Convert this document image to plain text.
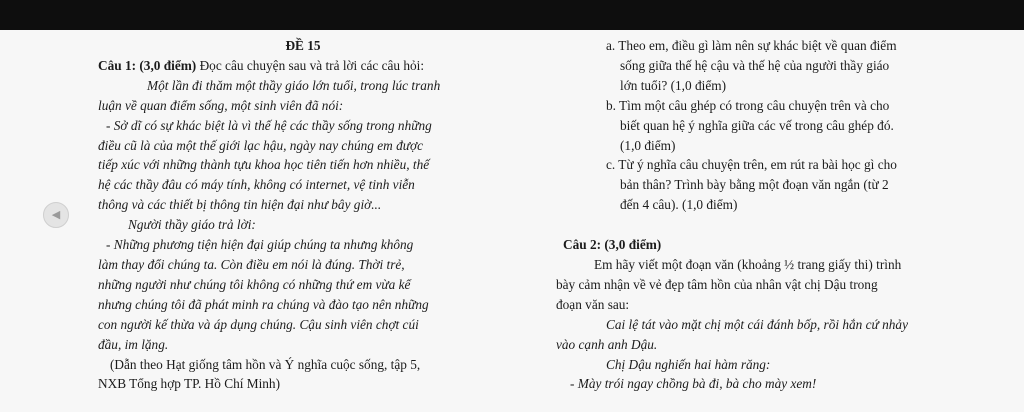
◀
ĐỀ 15
Câu 1: (3,0 điểm) Đọc câu chuyện sau và trả lời các câu hỏi:
Một lần đi thăm một thầy giáo lớn tuổi, trong lúc tranh
luận về quan điểm sống, một sinh viên đã nói:
- Sở dĩ có sự khác biệt là vì thế hệ các thầy sống trong những
điều cũ là của một thế giới lạc hậu, ngày nay chúng em được
tiếp xúc với những thành tựu khoa học tiên tiến hơn nhiều, thế
hệ các thầy đâu có máy tính, không có internet, vệ tinh viễn
thông và các thiết bị thông tin hiện đại như bây giờ...
Người thầy giáo trả lời:
- Những phương tiện hiện đại giúp chúng ta nhưng không
làm thay đổi chúng ta. Còn điều em nói là đúng. Thời trẻ,
những người như chúng tôi không có những thứ em vừa kể
nhưng chúng tôi đã phát minh ra chúng và đào tạo nên những
con người kế thừa và áp dụng chúng. Cậu sinh viên chợt cúi
đầu, im lặng.
(Dẫn theo Hạt giống tâm hồn và Ý nghĩa cuộc sống, tập 5,
NXB Tổng hợp TP. Hồ Chí Minh)
a. Theo em, điều gì làm nên sự khác biệt về quan điểm
sống giữa thế hệ cậu và thế hệ của người thầy giáo
lớn tuổi? (1,0 điểm)
b. Tìm một câu ghép có trong câu chuyện trên và cho
biết quan hệ ý nghĩa giữa các vế trong câu ghép đó.
(1,0 điểm)
c. Từ ý nghĩa câu chuyện trên, em rút ra bài học gì cho
bản thân? Trình bày bằng một đoạn văn ngắn (từ 2
đến 4 câu). (1,0 điểm)

Câu 2: (3,0 điểm)
Em hãy viết một đoạn văn (khoảng ½ trang giấy thi) trình
bày cảm nhận về vẻ đẹp tâm hồn của nhân vật chị Dậu trong
đoạn văn sau:
Cai lệ tát vào mặt chị một cái đánh bốp, rồi hắn cứ nhảy
vào cạnh anh Dậu.
Chị Dậu nghiến hai hàm răng:
- Mày trói ngay chồng bà đi, bà cho mày xem!
